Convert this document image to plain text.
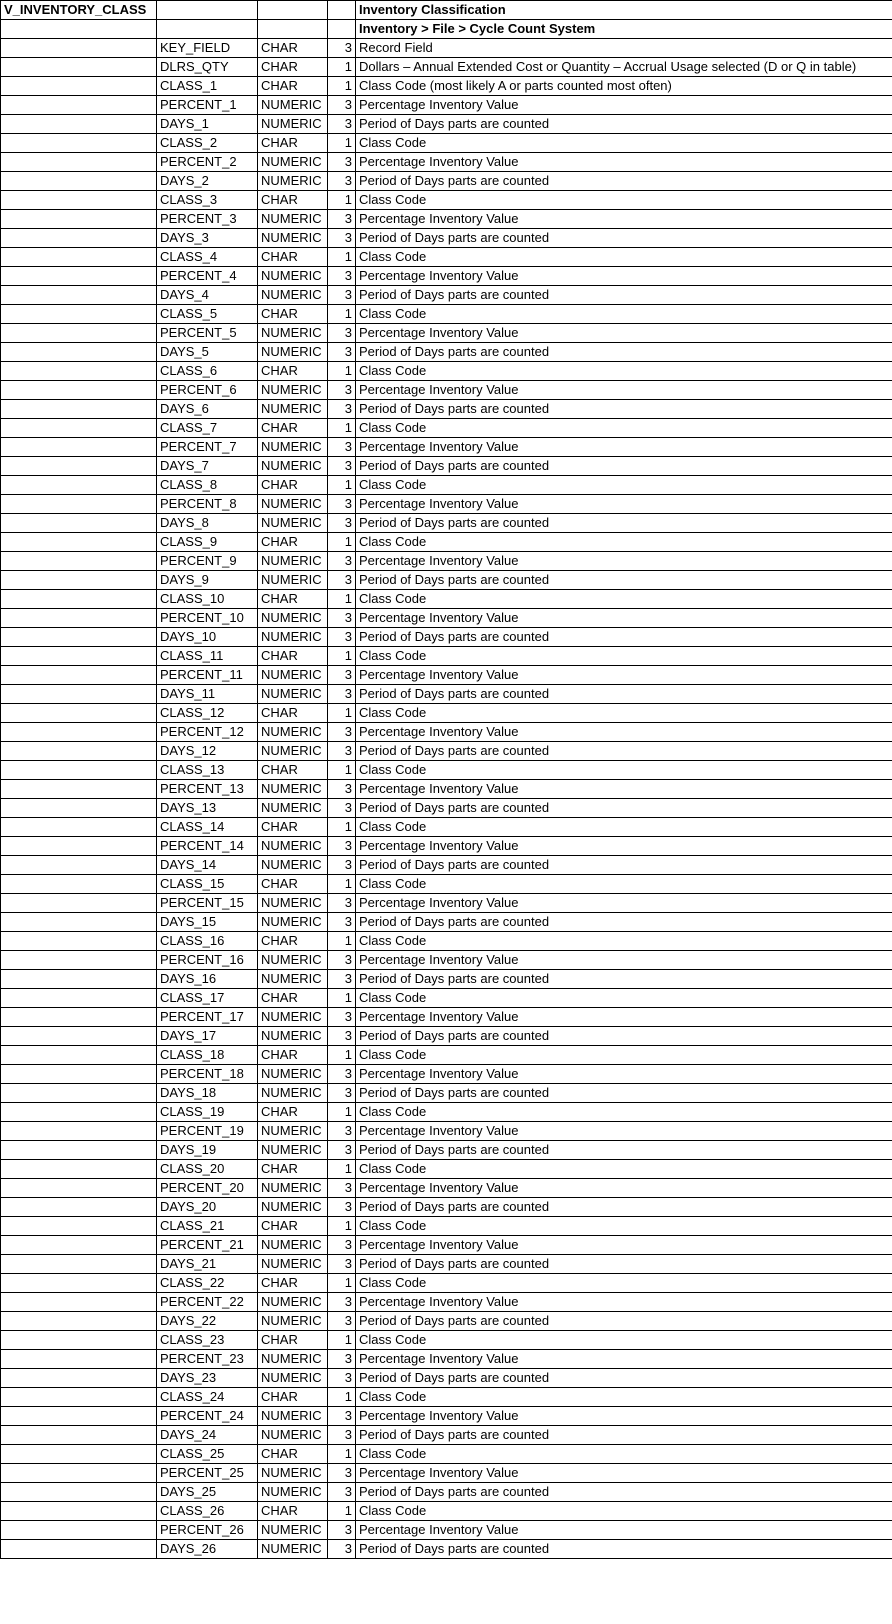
V_INVENTORY_CLASS				Inventory Classification
				Inventory > File > Cycle Count System
	KEY_FIELD	CHAR	3	Record Field
	DLRS_QTY	CHAR	1	Dollars – Annual Extended Cost or Quantity – Accrual Usage selected (D or Q in table)
	CLASS_1	CHAR	1	Class Code (most likely A or parts counted most often)
	PERCENT_1	NUMERIC	3	Percentage Inventory Value
	DAYS_1	NUMERIC	3	Period of Days parts are counted
	CLASS_2	CHAR	1	Class Code
	PERCENT_2	NUMERIC	3	Percentage Inventory Value
	DAYS_2	NUMERIC	3	Period of Days parts are counted
	CLASS_3	CHAR	1	Class Code
	PERCENT_3	NUMERIC	3	Percentage Inventory Value
	DAYS_3	NUMERIC	3	Period of Days parts are counted
	CLASS_4	CHAR	1	Class Code
	PERCENT_4	NUMERIC	3	Percentage Inventory Value
	DAYS_4	NUMERIC	3	Period of Days parts are counted
	CLASS_5	CHAR	1	Class Code
	PERCENT_5	NUMERIC	3	Percentage Inventory Value
	DAYS_5	NUMERIC	3	Period of Days parts are counted
	CLASS_6	CHAR	1	Class Code
	PERCENT_6	NUMERIC	3	Percentage Inventory Value
	DAYS_6	NUMERIC	3	Period of Days parts are counted
	CLASS_7	CHAR	1	Class Code
	PERCENT_7	NUMERIC	3	Percentage Inventory Value
	DAYS_7	NUMERIC	3	Period of Days parts are counted
	CLASS_8	CHAR	1	Class Code
	PERCENT_8	NUMERIC	3	Percentage Inventory Value
	DAYS_8	NUMERIC	3	Period of Days parts are counted
	CLASS_9	CHAR	1	Class Code
	PERCENT_9	NUMERIC	3	Percentage Inventory Value
	DAYS_9	NUMERIC	3	Period of Days parts are counted
	CLASS_10	CHAR	1	Class Code
	PERCENT_10	NUMERIC	3	Percentage Inventory Value
	DAYS_10	NUMERIC	3	Period of Days parts are counted
	CLASS_11	CHAR	1	Class Code
	PERCENT_11	NUMERIC	3	Percentage Inventory Value
	DAYS_11	NUMERIC	3	Period of Days parts are counted
	CLASS_12	CHAR	1	Class Code
	PERCENT_12	NUMERIC	3	Percentage Inventory Value
	DAYS_12	NUMERIC	3	Period of Days parts are counted
	CLASS_13	CHAR	1	Class Code
	PERCENT_13	NUMERIC	3	Percentage Inventory Value
	DAYS_13	NUMERIC	3	Period of Days parts are counted
	CLASS_14	CHAR	1	Class Code
	PERCENT_14	NUMERIC	3	Percentage Inventory Value
	DAYS_14	NUMERIC	3	Period of Days parts are counted
	CLASS_15	CHAR	1	Class Code
	PERCENT_15	NUMERIC	3	Percentage Inventory Value
	DAYS_15	NUMERIC	3	Period of Days parts are counted
	CLASS_16	CHAR	1	Class Code
	PERCENT_16	NUMERIC	3	Percentage Inventory Value
	DAYS_16	NUMERIC	3	Period of Days parts are counted
	CLASS_17	CHAR	1	Class Code
	PERCENT_17	NUMERIC	3	Percentage Inventory Value
	DAYS_17	NUMERIC	3	Period of Days parts are counted
	CLASS_18	CHAR	1	Class Code
	PERCENT_18	NUMERIC	3	Percentage Inventory Value
	DAYS_18	NUMERIC	3	Period of Days parts are counted
	CLASS_19	CHAR	1	Class Code
	PERCENT_19	NUMERIC	3	Percentage Inventory Value
	DAYS_19	NUMERIC	3	Period of Days parts are counted
	CLASS_20	CHAR	1	Class Code
	PERCENT_20	NUMERIC	3	Percentage Inventory Value
	DAYS_20	NUMERIC	3	Period of Days parts are counted
	CLASS_21	CHAR	1	Class Code
	PERCENT_21	NUMERIC	3	Percentage Inventory Value
	DAYS_21	NUMERIC	3	Period of Days parts are counted
	CLASS_22	CHAR	1	Class Code
	PERCENT_22	NUMERIC	3	Percentage Inventory Value
	DAYS_22	NUMERIC	3	Period of Days parts are counted
	CLASS_23	CHAR	1	Class Code
	PERCENT_23	NUMERIC	3	Percentage Inventory Value
	DAYS_23	NUMERIC	3	Period of Days parts are counted
	CLASS_24	CHAR	1	Class Code
	PERCENT_24	NUMERIC	3	Percentage Inventory Value
	DAYS_24	NUMERIC	3	Period of Days parts are counted
	CLASS_25	CHAR	1	Class Code
	PERCENT_25	NUMERIC	3	Percentage Inventory Value
	DAYS_25	NUMERIC	3	Period of Days parts are counted
	CLASS_26	CHAR	1	Class Code
	PERCENT_26	NUMERIC	3	Percentage Inventory Value
	DAYS_26	NUMERIC	3	Period of Days parts are counted
